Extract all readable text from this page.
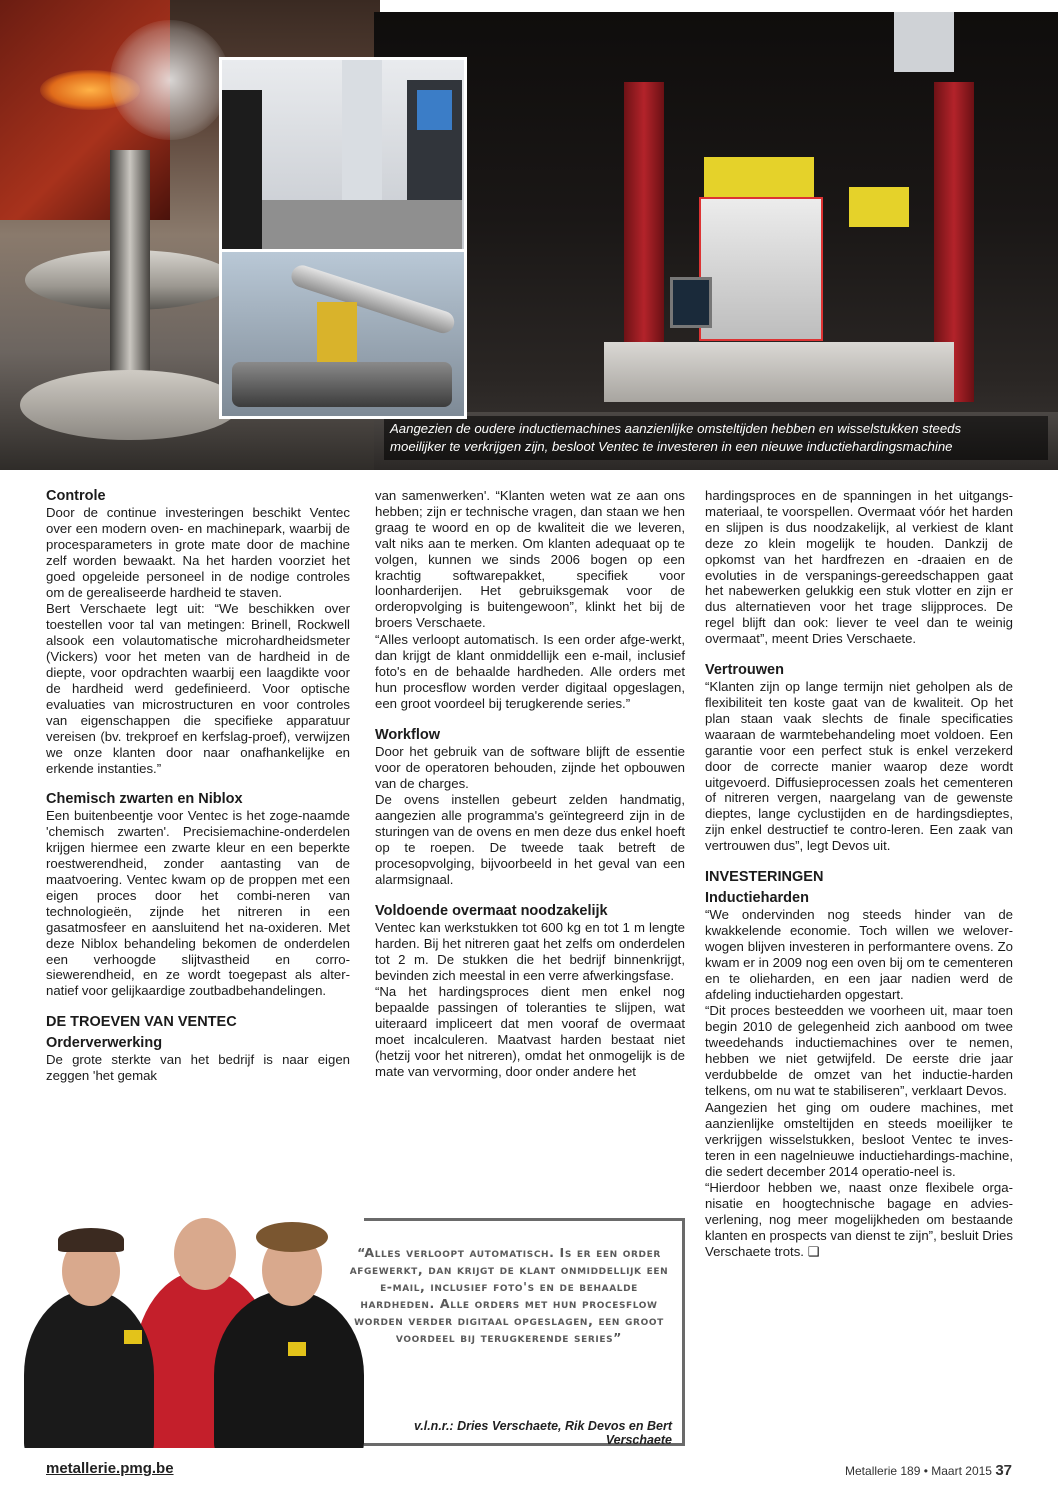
Aangezien de oudere inductiemachines aanzienlijke omsteltijden hebben en wisselstukken steeds
moeilijker te verkrijgen zijn, besloot Ventec te investeren in een nieuwe inductiehardingsmachine
Controle

Door de continue investeringen beschikt Ventec over een modern oven- en machinepark, waarbij de procesparameters in grote mate door de machine zelf worden bewaakt. Na het harden voorziet het goed opgeleide personeel in de nodige controles om de gerealiseerde hardheid te staven.

Bert Verschaete legt uit: “We beschikken over toestellen voor tal van metingen: Brinell, Rockwell alsook een volautomatische microhardheidsmeter (Vickers) voor het meten van de hardheid in de diepte, voor opdrachten waarbij een laagdikte voor de hardheid werd gedefinieerd. Voor optische evaluaties van microstructuren en voor controles van eigenschappen die specifieke apparatuur vereisen (bv. trekproef en kerfslag-proef), verwijzen we onze klanten door naar onafhankelijke en erkende instanties.”

Chemisch zwarten en Niblox

Een buitenbeentje voor Ventec is het zoge-naamde 'chemisch zwarten'. Precisiemachine-onderdelen krijgen hiermee een zwarte kleur en een beperkte roestwerendheid, zonder aantasting van de maatvoering. Ventec kwam op de proppen met een eigen proces door het combi-neren van technologieën, zijnde het nitreren in een gasatmosfeer en aansluitend het na-oxideren. Met deze Niblox behandeling bekomen de onderdelen een verhoogde slijtvastheid en corro-siewerendheid, en ze wordt toegepast als alter-natief voor gelijkaardige zoutbadbehandelingen.

DE TROEVEN VAN VENTEC
Orderverwerking

De grote sterkte van het bedrijf is naar eigen zeggen 'het gemak

van samenwerken'. “Klanten weten wat ze aan ons hebben; zijn er technische vragen, dan staan we hen graag te woord en op de kwaliteit die we leveren, valt niks aan te merken. Om klanten adequaat op te volgen, kunnen we sinds 2006 bogen op een krachtig softwarepakket, specifiek voor loonharderijen. Het gebruiksgemak voor de orderopvolging is buitengewoon”, klinkt het bij de broers Verschaete.

“Alles verloopt automatisch. Is een order afge-werkt, dan krijgt de klant onmiddellijk een e-mail, inclusief foto's en de behaalde hardheden. Alle orders met hun procesflow worden verder digitaal opgeslagen, een groot voordeel bij terugkerende series.”

Workflow

Door het gebruik van de software blijft de essentie voor de operatoren behouden, zijnde het opbouwen van de charges.

De ovens instellen gebeurt zelden handmatig, aangezien alle programma's geïntegreerd zijn in de sturingen van de ovens en men deze dus enkel hoeft op te roepen. De tweede taak betreft de procesopvolging, bijvoorbeeld in het geval van een alarmsignaal.

Voldoende overmaat noodzakelijk

Ventec kan werkstukken tot 600 kg en tot 1 m lengte harden. Bij het nitreren gaat het zelfs om onderdelen tot 2 m. De stukken die het bedrijf binnenkrijgt, bevinden zich meestal in een verre afwerkingsfase.

“Na het hardingsproces dient men enkel nog bepaalde passingen of toleranties te slijpen, wat uiteraard impliceert dat men vooraf de overmaat moet incalculeren. Maatvast harden bestaat niet (hetzij voor het nitreren), omdat het onmogelijk is de mate van vervorming, door onder andere het

hardingsproces en de spanningen in het uitgangs-materiaal, te voorspellen. Overmaat vóór het harden en slijpen is dus noodzakelijk, al verkiest de klant deze zo klein mogelijk te houden. Dankzij de opkomst van het hardfrezen en -draaien en de evoluties in de verspanings-gereedschappen gaat het nabewerken gelukkig een stuk vlotter en zijn er dus alternatieven voor het trage slijpproces. De regel blijft dan ook: liever te veel dan te weinig overmaat”, meent Dries Verschaete.

Vertrouwen

“Klanten zijn op lange termijn niet geholpen als de flexibiliteit ten koste gaat van de kwaliteit. Op het plan staan vaak slechts de finale specificaties waaraan de warmtebehandeling moet voldoen. Een garantie voor een perfect stuk is enkel verzekerd door de correcte manier waarop deze wordt uitgevoerd. Diffusieprocessen zoals het cementeren of nitreren vergen, naargelang van de gewenste dieptes, lange cyclustijden en de hardingsdieptes, zijn enkel destructief te contro-leren. Een zaak van vertrouwen dus”, legt Devos uit.

INVESTERINGEN
Inductieharden

“We ondervinden nog steeds hinder van de kwakkelende economie. Toch willen we welover-wogen blijven investeren in performantere ovens. Zo kwam er in 2009 nog een oven bij om te cementeren en te olieharden, en een jaar nadien werd de afdeling inductieharden opgestart.

“Dit proces besteedden we voorheen uit, maar toen begin 2010 de gelegenheid zich aanbood om twee tweedehands inductiemachines over te nemen, hebben we niet getwijfeld. De eerste drie jaar verdubbelde de omzet van het inductie-harden telkens, om nu wat te stabiliseren”, verklaart Devos.

Aangezien het ging om oudere machines, met aanzienlijke omsteltijden en steeds moeilijker te verkrijgen wisselstukken, besloot Ventec te inves-teren in een nagelnieuwe inductiehardings-machine, die sedert december 2014 operatio-neel is.

“Hierdoor hebben we, naast onze flexibele orga-nisatie en hoogtechnische bagage en advies-verlening, nog meer mogelijkheden om bestaande klanten en prospects van dienst te zijn”, besluit Dries Verschaete trots. ❑

“Alles verloopt automatisch. Is er een order afgewerkt, dan krijgt de klant onmiddellijk een e-mail, inclusief foto's en de behaalde hardheden. Alle orders met hun procesflow worden verder digitaal opgeslagen, een groot voordeel bij terugkerende series”
v.l.n.r.: Dries Verschaete, Rik Devos en Bert Verschaete
metallerie.pmg.be	Metallerie 189 • Maart 2015 37
